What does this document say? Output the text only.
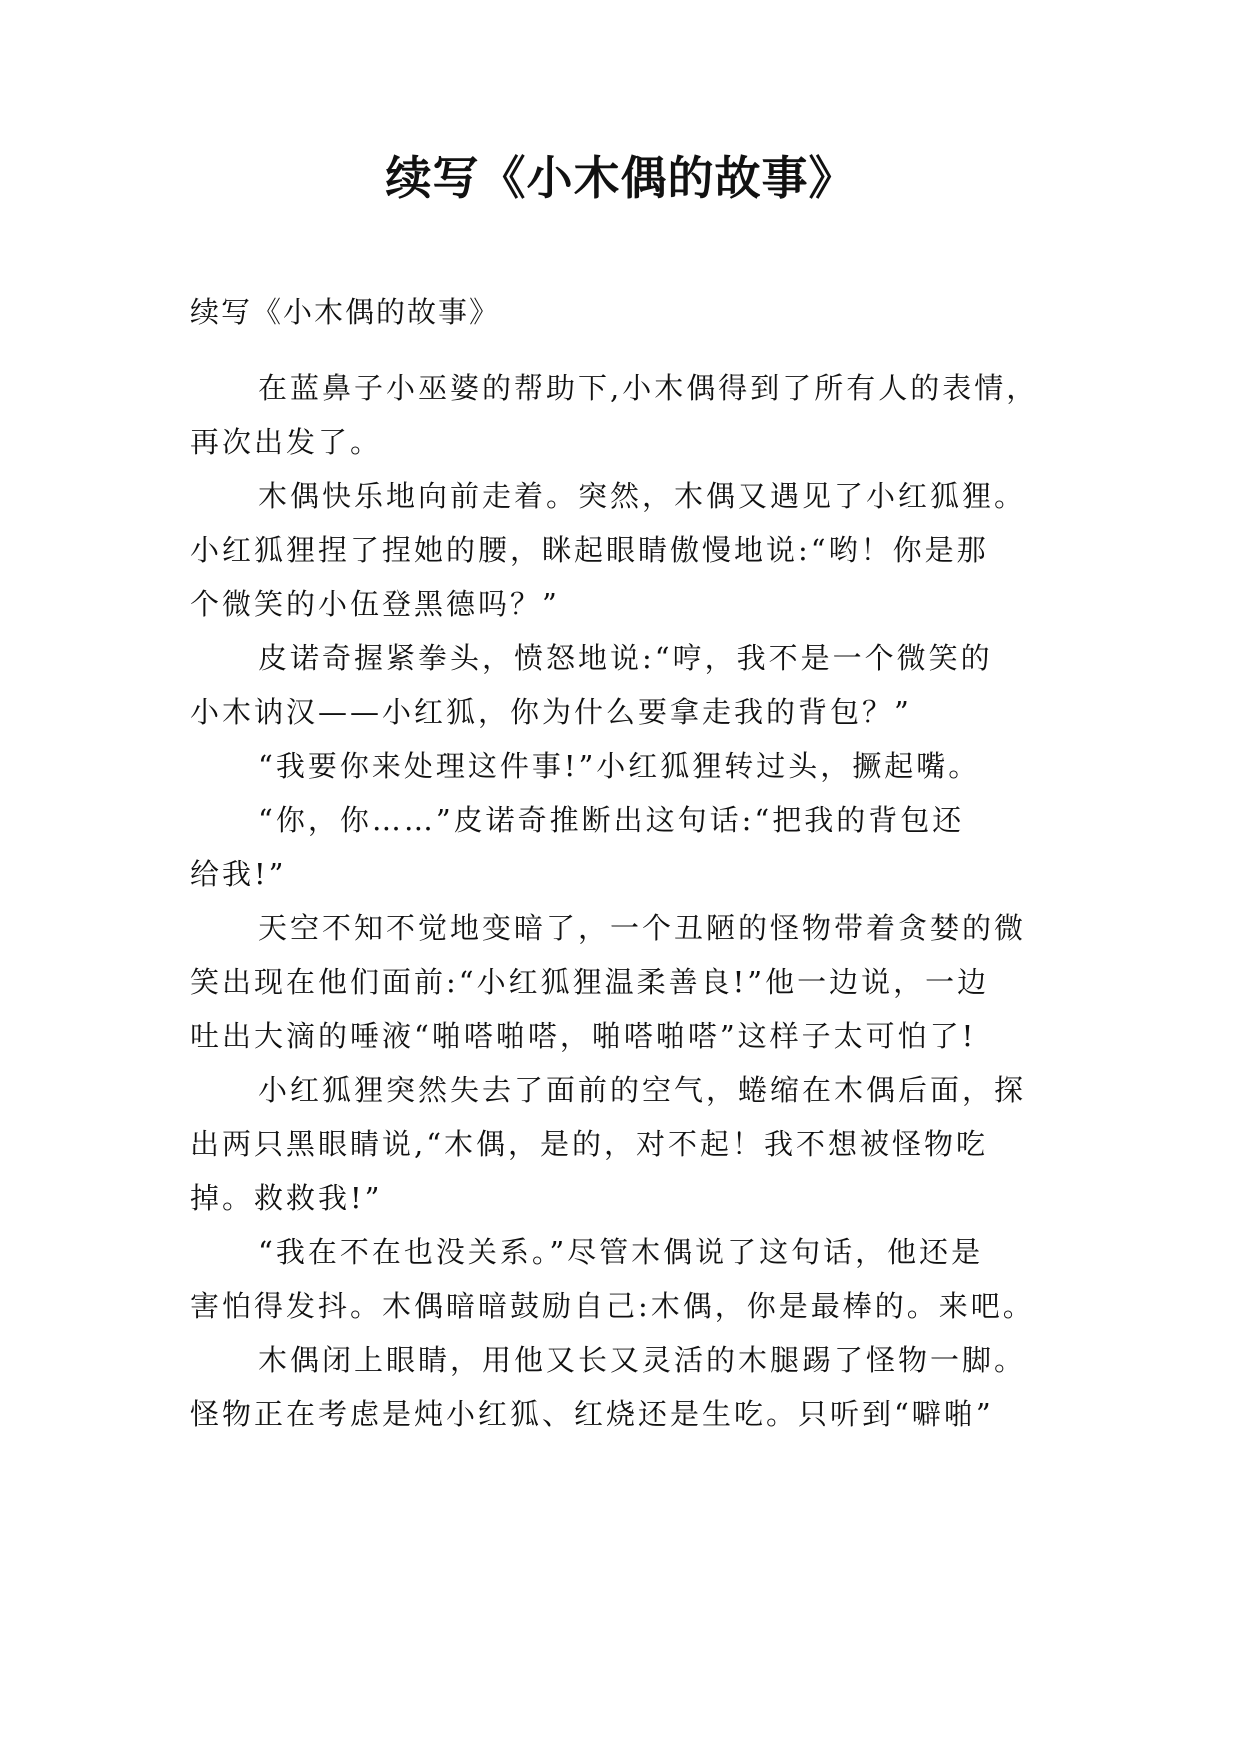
续写《小木偶的故事》
续写《小木偶的故事》
在蓝鼻子小巫婆的帮助下,小木偶得到了所有人的表情，
再次出发了。
木偶快乐地向前走着。突然，木偶又遇见了小红狐狸。
小红狐狸捏了捏她的腰，眯起眼睛傲慢地说:“哟！你是那
个微笑的小伍登黑德吗？”
皮诺奇握紧拳头，愤怒地说:“哼，我不是一个微笑的
小木讷汉——小红狐，你为什么要拿走我的背包？”
“我要你来处理这件事!”小红狐狸转过头，撅起嘴。
“你，你……”皮诺奇推断出这句话:“把我的背包还
给我!”
天空不知不觉地变暗了，一个丑陋的怪物带着贪婪的微
笑出现在他们面前:“小红狐狸温柔善良!”他一边说，一边
吐出大滴的唾液“啪嗒啪嗒，啪嗒啪嗒”这样子太可怕了!
小红狐狸突然失去了面前的空气，蜷缩在木偶后面，探
出两只黑眼睛说,“木偶，是的，对不起！我不想被怪物吃
掉。救救我!”
“我在不在也没关系。”尽管木偶说了这句话，他还是
害怕得发抖。木偶暗暗鼓励自己:木偶，你是最棒的。来吧。
木偶闭上眼睛，用他又长又灵活的木腿踢了怪物一脚。
怪物正在考虑是炖小红狐、红烧还是生吃。只听到“噼啪”
